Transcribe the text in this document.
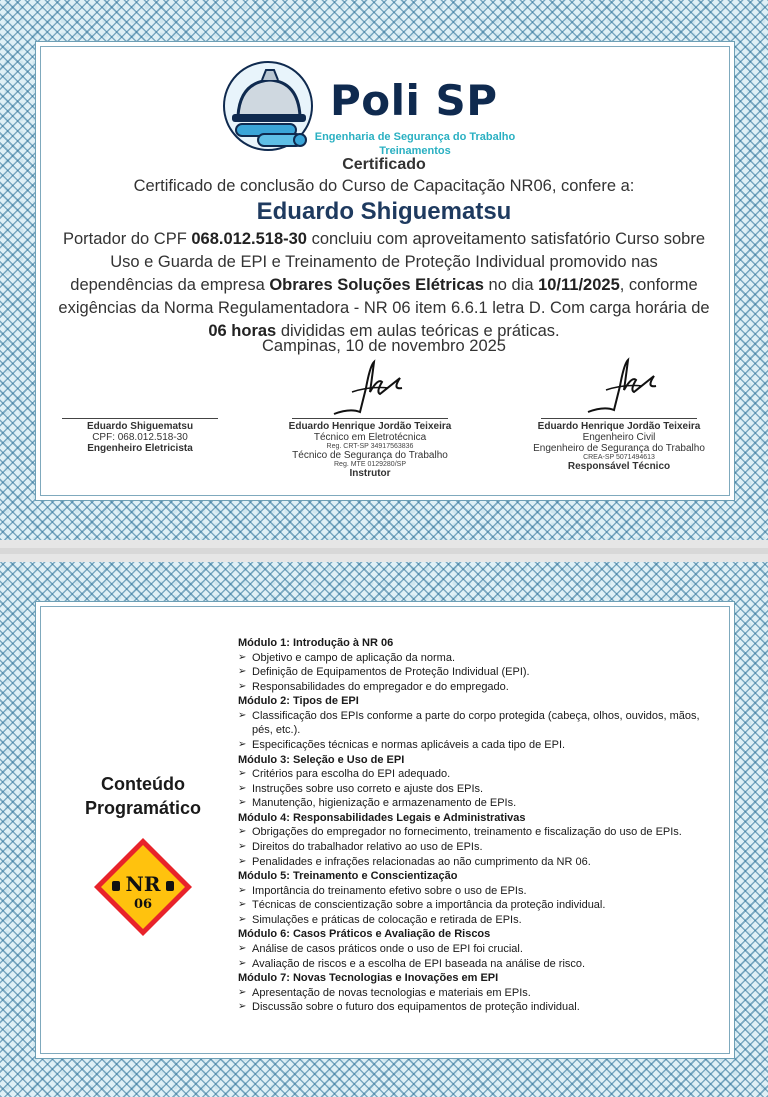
Poli SP
Engenharia de Segurança do Trabalho
Treinamentos
Certificado
Certificado de conclusão do Curso de Capacitação NR06, confere a:
Eduardo Shiguematsu
Portador do CPF 068.012.518-30 concluiu com aproveitamento satisfatório Curso sobre Uso e Guarda de EPI e Treinamento de Proteção Individual promovido nas dependências da empresa Obrares Soluções Elétricas no dia 10/11/2025, conforme exigências da Norma Regulamentadora - NR 06 item 6.6.1 letra D. Com carga horária de 06 horas divididas em aulas teóricas e práticas.
Campinas, 10 de novembro 2025
Eduardo Shiguematsu
CPF: 068.012.518-30
Engenheiro Eletricista
Eduardo Henrique Jordão Teixeira
Técnico em Eletrotécnica
Reg. CRT-SP 34917563836
Técnico de Segurança do Trabalho
Reg. MTE 0129280/SP
Instrutor
Eduardo Henrique Jordão Teixeira
Engenheiro Civil
Engenheiro de Segurança do Trabalho
CREA-SP 5071494613
Responsável Técnico
Conteúdo
Programático
NR
06
Módulo 1: Introdução à NR 06
➢ Objetivo e campo de aplicação da norma.
➢ Definição de Equipamentos de Proteção Individual (EPI).
➢ Responsabilidades do empregador e do empregado.
Módulo 2: Tipos de EPI
➢ Classificação dos EPIs conforme a parte do corpo protegida (cabeça, olhos, ouvidos, mãos, pés, etc.).
➢ Especificações técnicas e normas aplicáveis a cada tipo de EPI.
Módulo 3: Seleção e Uso de EPI
➢ Critérios para escolha do EPI adequado.
➢ Instruções sobre uso correto e ajuste dos EPIs.
➢ Manutenção, higienização e armazenamento de EPIs.
Módulo 4: Responsabilidades Legais e Administrativas
➢ Obrigações do empregador no fornecimento, treinamento e fiscalização do uso de EPIs.
➢ Direitos do trabalhador relativo ao uso de EPIs.
➢ Penalidades e infrações relacionadas ao não cumprimento da NR 06.
Módulo 5: Treinamento e Conscientização
➢ Importância do treinamento efetivo sobre o uso de EPIs.
➢ Técnicas de conscientização sobre a importância da proteção individual.
➢ Simulações e práticas de colocação e retirada de EPIs.
Módulo 6: Casos Práticos e Avaliação de Riscos
➢ Análise de casos práticos onde o uso de EPI foi crucial.
➢ Avaliação de riscos e a escolha de EPI baseada na análise de risco.
Módulo 7: Novas Tecnologias e Inovações em EPI
➢ Apresentação de novas tecnologias e materiais em EPIs.
➢ Discussão sobre o futuro dos equipamentos de proteção individual.
